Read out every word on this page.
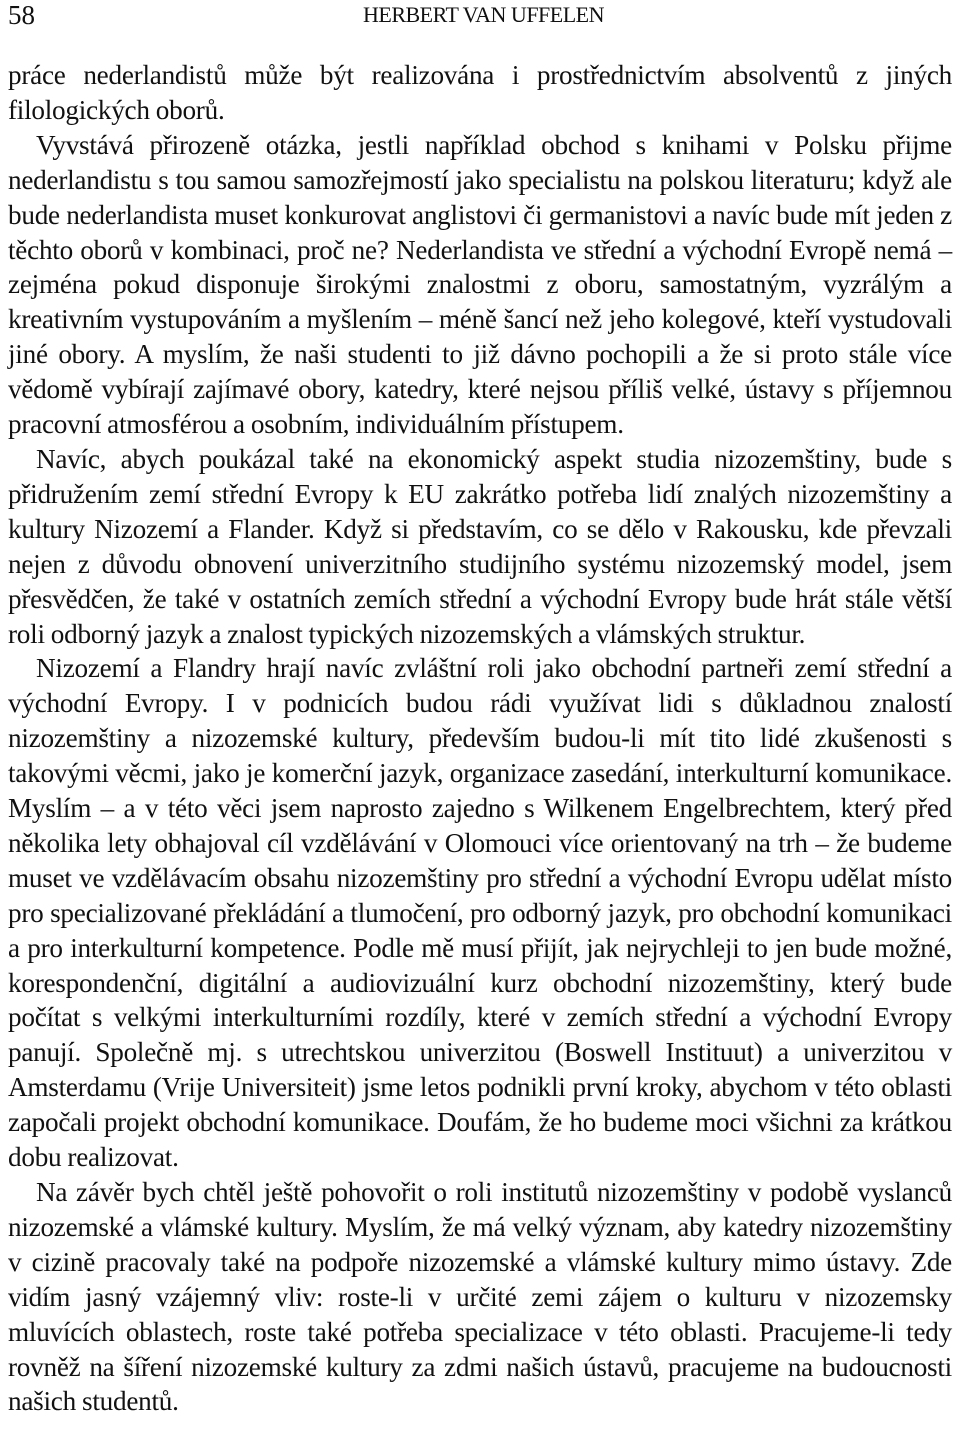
58	HERBERT VAN UFFELEN

práce nederlandistů může být realizována i prostřednictvím absolventů z jiných filologických oborů.

Vyvstává přirozeně otázka, jestli například obchod s knihami v Polsku přijme nederlandistu s tou samou samozřejmostí jako specialistu na polskou literaturu; když ale bude nederlandista muset konkurovat anglistovi či germanistovi a navíc bude mít jeden z těchto oborů v kombinaci, proč ne? Nederlandista ve střední a východní Evropě nemá – zejména pokud disponuje širokými znalostmi z oboru, samostatným, vyzrálým a kreativním vystupováním a myšlením – méně šancí než jeho kolegové, kteří vystudovali jiné obory. A myslím, že naši studenti to již dávno pochopili a že si proto stále více vědomě vybírají zajímavé obory, katedry, které nejsou příliš velké, ústavy s příjemnou pracovní atmosférou a osobním, individuálním přístupem.

Navíc, abych poukázal také na ekonomický aspekt studia nizozemštiny, bude s přidružením zemí střední Evropy k EU zakrátko potřeba lidí znalých nizozemštiny a kultury Nizozemí a Flander. Když si představím, co se dělo v Rakousku, kde převzali nejen z důvodu obnovení univerzitního studijního systému nizozemský model, jsem přesvědčen, že také v ostatních zemích střední a východní Evropy bude hrát stále větší roli odborný jazyk a znalost typických nizozemských a vlámských struktur.

Nizozemí a Flandry hrají navíc zvláštní roli jako obchodní partneři zemí střední a východní Evropy. I v podnicích budou rádi využívat lidi s důkladnou znalostí nizozemštiny a nizozemské kultury, především budou-li mít tito lidé zkušenosti s takovými věcmi, jako je komerční jazyk, organizace zasedání, interkulturní komunikace. Myslím – a v této věci jsem naprosto zajedno s Wilkenem Engelbrechtem, který před několika lety obhajoval cíl vzdělávání v Olomouci více orientovaný na trh – že budeme muset ve vzdělávacím obsahu nizozemštiny pro střední a východní Evropu udělat místo pro specializované překládání a tlumočení, pro odborný jazyk, pro obchodní komunikaci a pro interkulturní kompetence. Podle mě musí přijít, jak nejrychleji to jen bude možné, korespondenční, digitální a audiovizuální kurz obchodní nizozemštiny, který bude počítat s velkými interkulturními rozdíly, které v zemích střední a východní Evropy panují. Společně mj. s utrechtskou univerzitou (Boswell Instituut) a univerzitou v Amsterdamu (Vrije Universiteit) jsme letos podnikli první kroky, abychom v této oblasti započali projekt obchodní komunikace. Doufám, že ho budeme moci všichni za krátkou dobu realizovat.

Na závěr bych chtěl ještě pohovořit o roli institutů nizozemštiny v podobě vyslanců nizozemské a vlámské kultury. Myslím, že má velký význam, aby katedry nizozemštiny v cizině pracovaly také na podpoře nizozemské a vlámské kultury mimo ústavy. Zde vidím jasný vzájemný vliv: roste-li v určité zemi zájem o kulturu v nizozemsky mluvících oblastech, roste také potřeba specializace v této oblasti. Pracujeme-li tedy rovněž na šíření nizozemské kultury za zdmi našich ústavů, pracujeme na budoucnosti našich studentů.
